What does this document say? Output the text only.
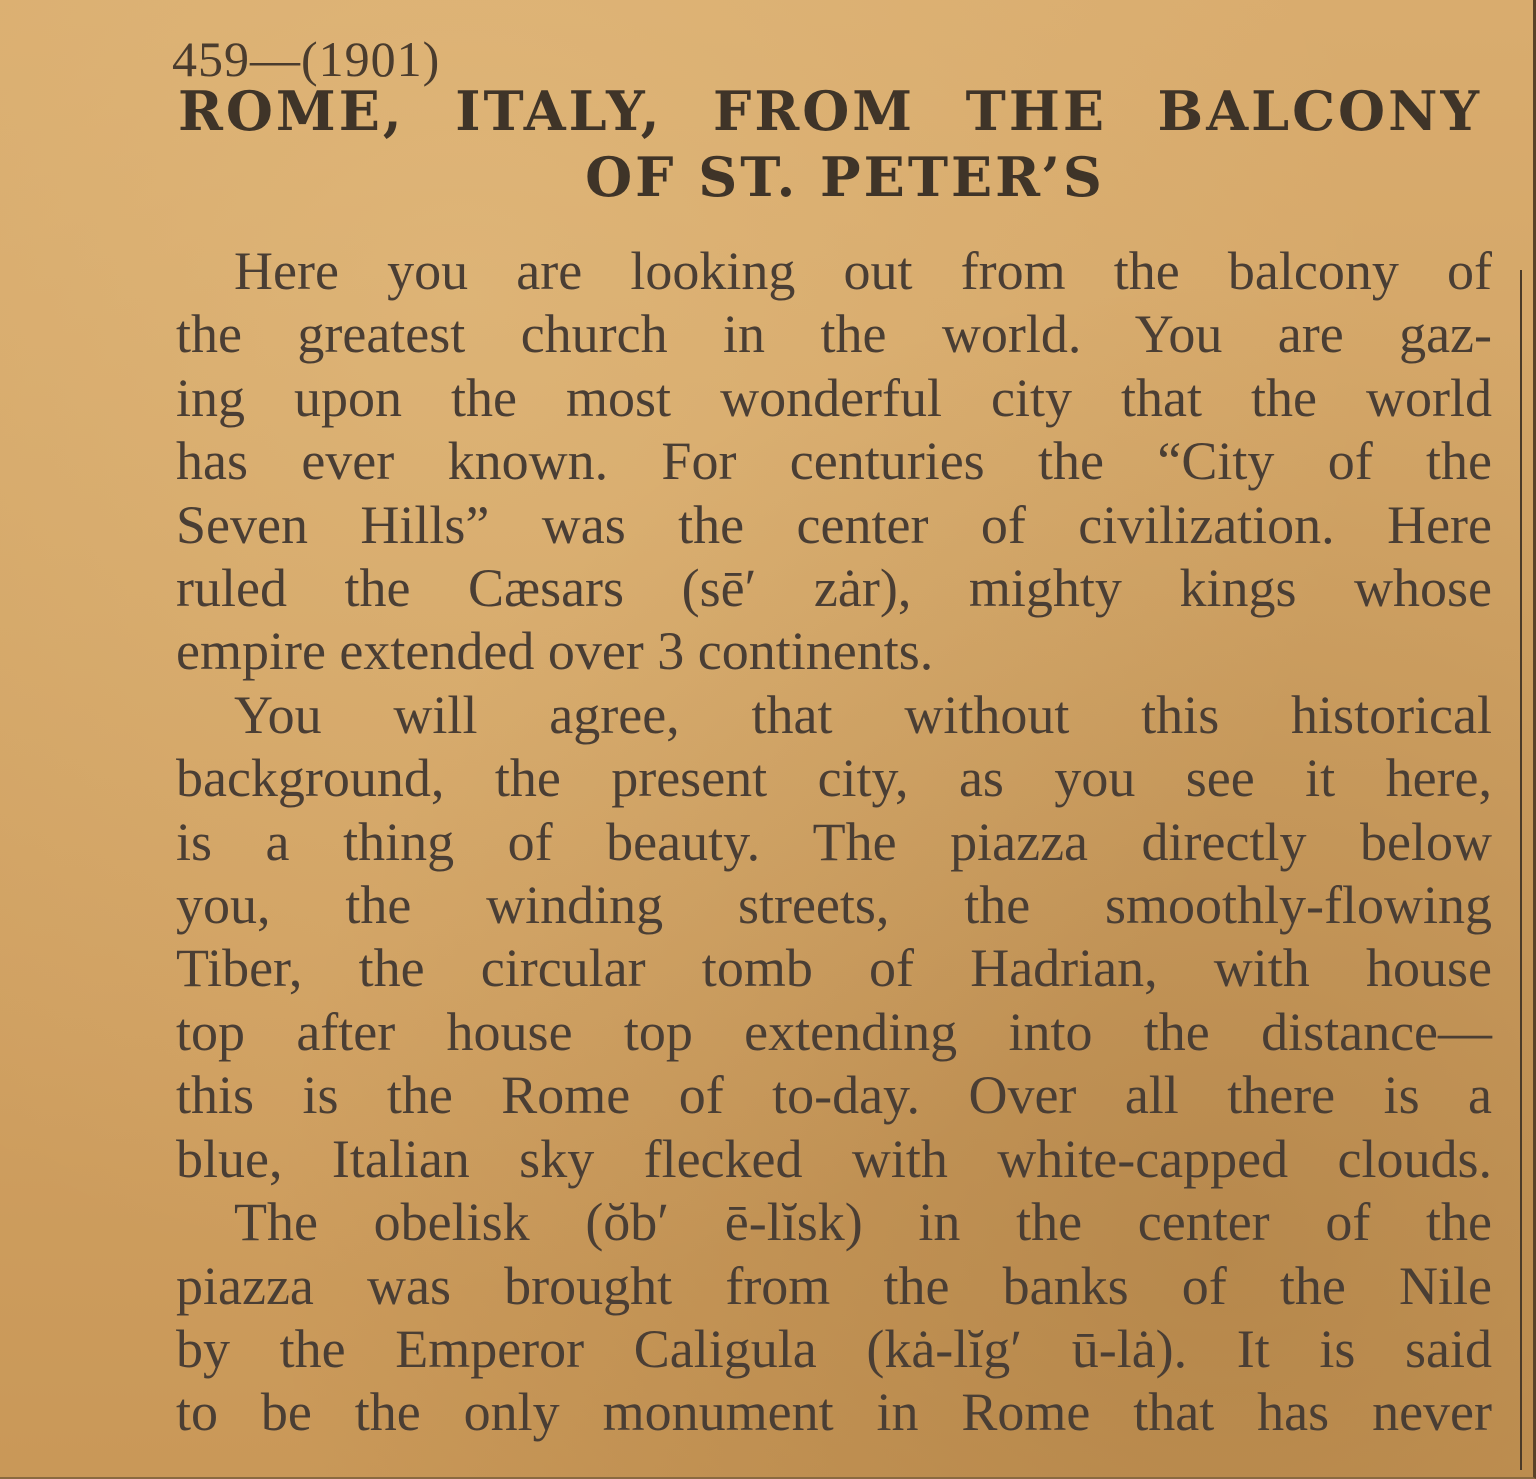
459—(1901)
ROME, ITALY, FROM THE BALCONY
OF ST. PETER’S
Here you are looking out from the balcony of
the greatest church in the world. You are gaz-
ing upon the most wonderful city that the world
has ever known. For centuries the “City of the
Seven Hills” was the center of civilization. Here
ruled the Cæsars (sē′ zȧr), mighty kings whose
empire extended over 3 continents.
You will agree, that without this historical
background, the present city, as you see it here,
is a thing of beauty. The piazza directly below
you, the winding streets, the smoothly-flowing
Tiber, the circular tomb of Hadrian, with house
top after house top extending into the distance—
this is the Rome of to-day. Over all there is a
blue, Italian sky flecked with white-capped clouds.
The obelisk (ŏb′ ē-lĭsk) in the center of the
piazza was brought from the banks of the Nile
by the Emperor Caligula (kȧ-lĭg′ ū-lȧ). It is said
to be the only monument in Rome that has never
